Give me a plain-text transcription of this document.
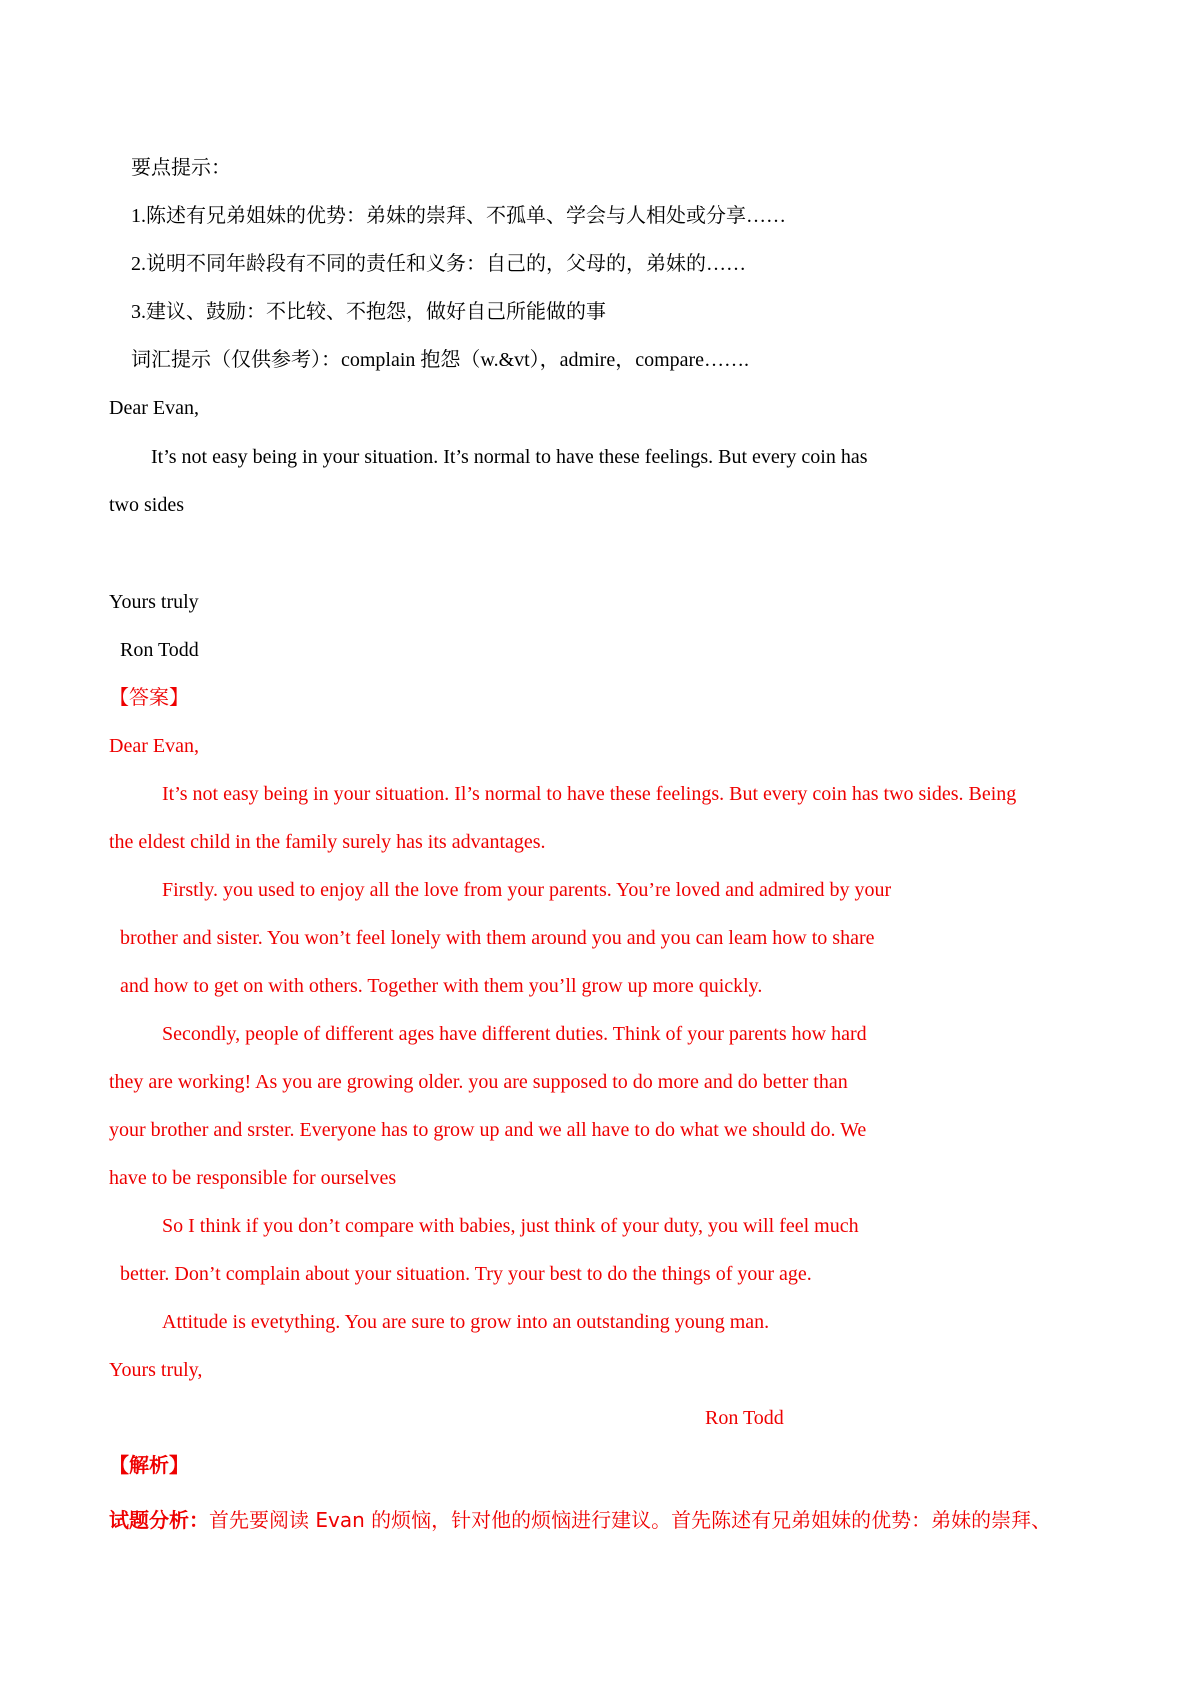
要点提示：
1.陈述有兄弟姐妹的优势：弟妹的崇拜、不孤单、学会与人相处或分享……
2.说明不同年龄段有不同的责任和义务：自己的，父母的，弟妹的……
3.建议、鼓励：不比较、不抱怨，做好自己所能做的事
词汇提示（仅供参考）：complain 抱怨（w.&vt），admire，compare…….
Dear Evan,
It’s not easy being in your situation. It’s normal to have these feelings. But every coin has
two sides
Yours truly
Ron Todd
【答案】
Dear Evan,
It’s not easy being in your situation. Il’s normal to have these feelings. But every coin has two sides. Being
the eldest child in the family surely has its advantages.
Firstly. you used to enjoy all the love from your parents. You’re loved and admired by your
brother and sister. You won’t feel lonely with them around you and you can leam how to share
and how to get on with others. Together with them you’ll grow up more quickly.
Secondly, people of different ages have different duties. Think of your parents how hard
they are working! As you are growing older. you are supposed to do more and do better than
your brother and srster. Everyone has to grow up and we all have to do what we should do. We
have to be responsible for ourselves
So I think if you don’t compare with babies, just think of your duty, you will feel much
better. Don’t complain about your situation. Try your best to do the things of your age.
Attitude is evetything. You are sure to grow into an outstanding young man.
Yours truly,
Ron Todd
【解析】
试题分析：首先要阅读 Evan 的烦恼，针对他的烦恼进行建议。首先陈述有兄弟姐妹的优势：弟妹的崇拜、
